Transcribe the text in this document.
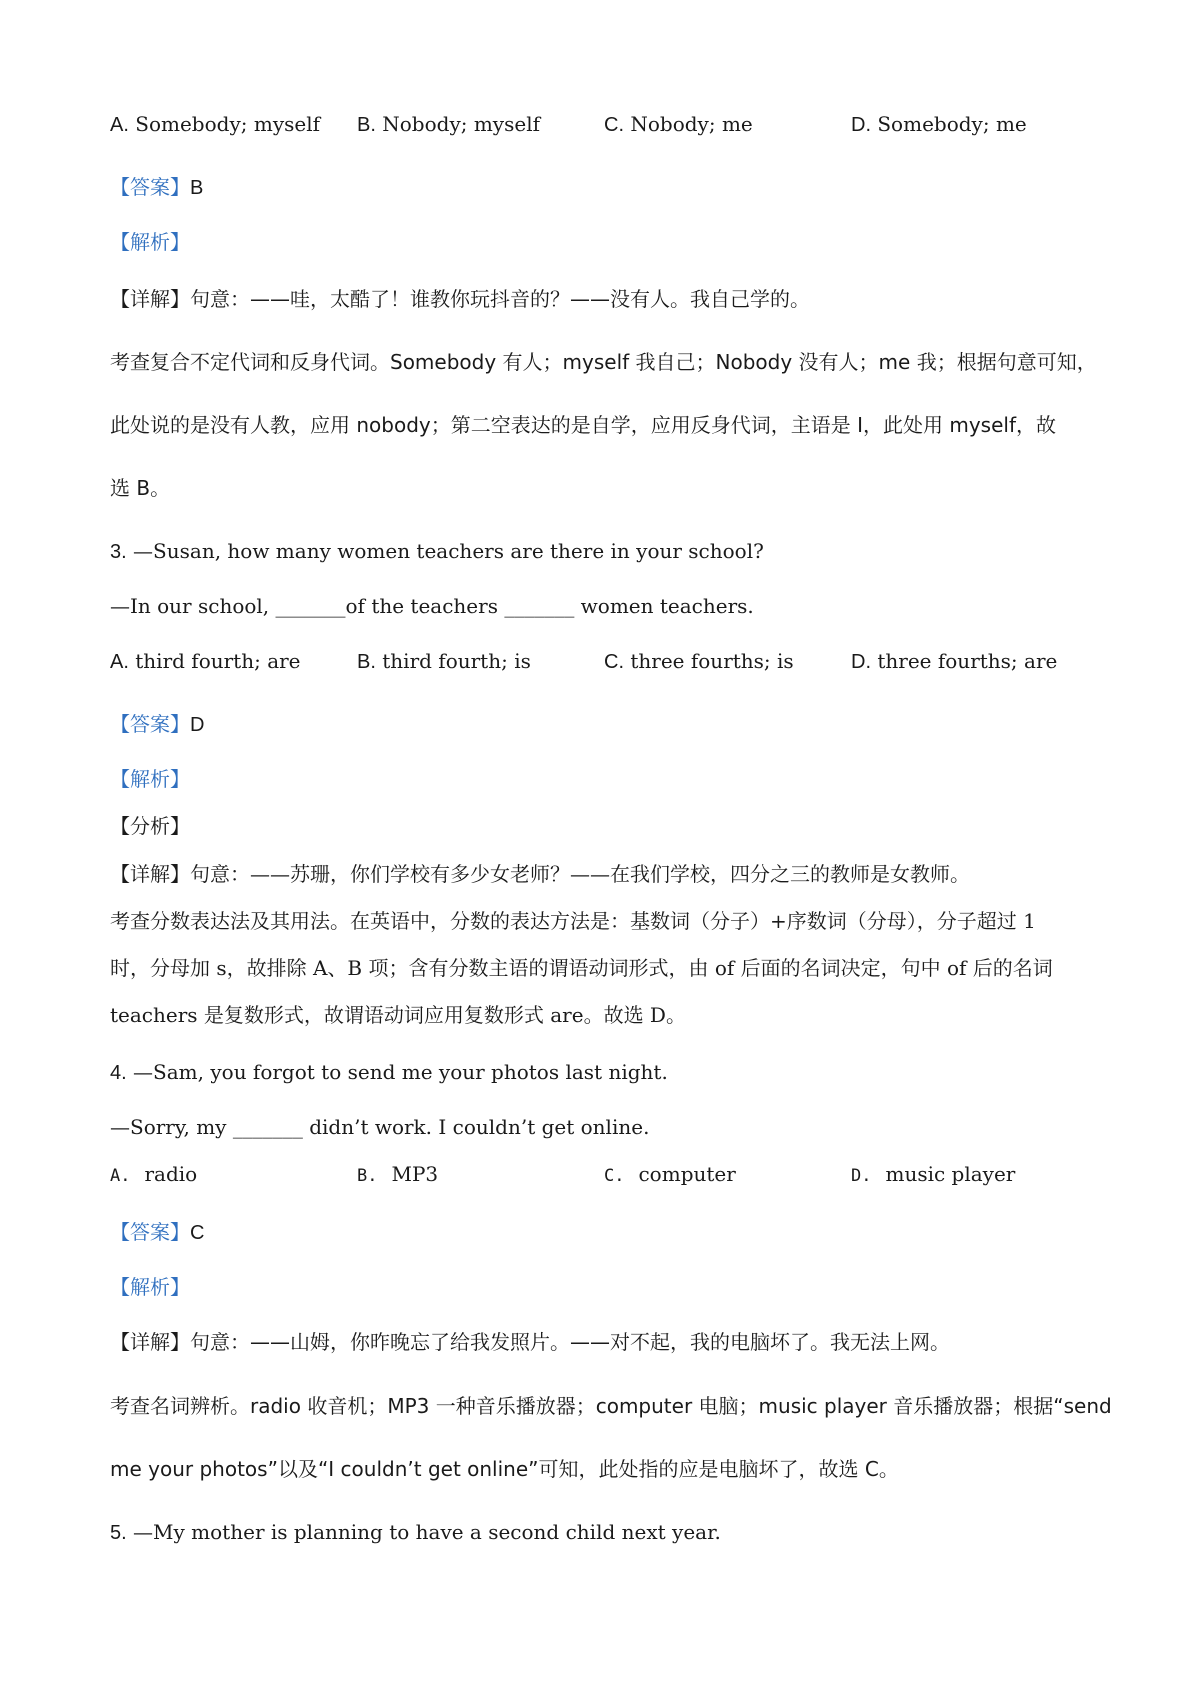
A. Somebody; myself B. Nobody; myself	C. Nobody; me	D. Somebody; me
【答案】B
【解析】
【详解】句意：——哇，太酷了！谁教你玩抖音的？——没有人。我自己学的。
考查复合不定代词和反身代词。Somebody 有人；myself 我自己；Nobody 没有人；me 我；根据句意可知，
此处说的是没有人教，应用 nobody；第二空表达的是自学，应用反身代词，主语是 I，此处用 myself，故
选 B。
3. —Susan, how many women teachers are there in your school?
—In our school, _______of the teachers _______ women teachers.
A. third fourth; are	B. third fourth; is	C. three fourths; is	D. three fourths; are
【答案】D
【解析】
【分析】
【详解】句意：——苏珊，你们学校有多少女老师？——在我们学校，四分之三的教师是女教师。
考查分数表达法及其用法。在英语中，分数的表达方法是：基数词（分子）+序数词（分母），分子超过 1
时，分母加 s，故排除 A、B 项；含有分数主语的谓语动词形式，由 of 后面的名词决定，句中 of 后的名词
teachers 是复数形式，故谓语动词应用复数形式 are。故选 D。
4. —Sam, you forgot to send me your photos last night.
—Sorry, my _______ didn’t work. I couldn’t get online.
A. radio	B. MP3	C. computer	D. music player
【答案】C
【解析】
【详解】句意：——山姆，你昨晚忘了给我发照片。——对不起，我的电脑坏了。我无法上网。
考查名词辨析。radio 收音机；MP3 一种音乐播放器；computer 电脑；music player 音乐播放器；根据“send
me your photos”以及“I couldn’t get online”可知，此处指的应是电脑坏了，故选 C。
5. —My mother is planning to have a second child next year.
